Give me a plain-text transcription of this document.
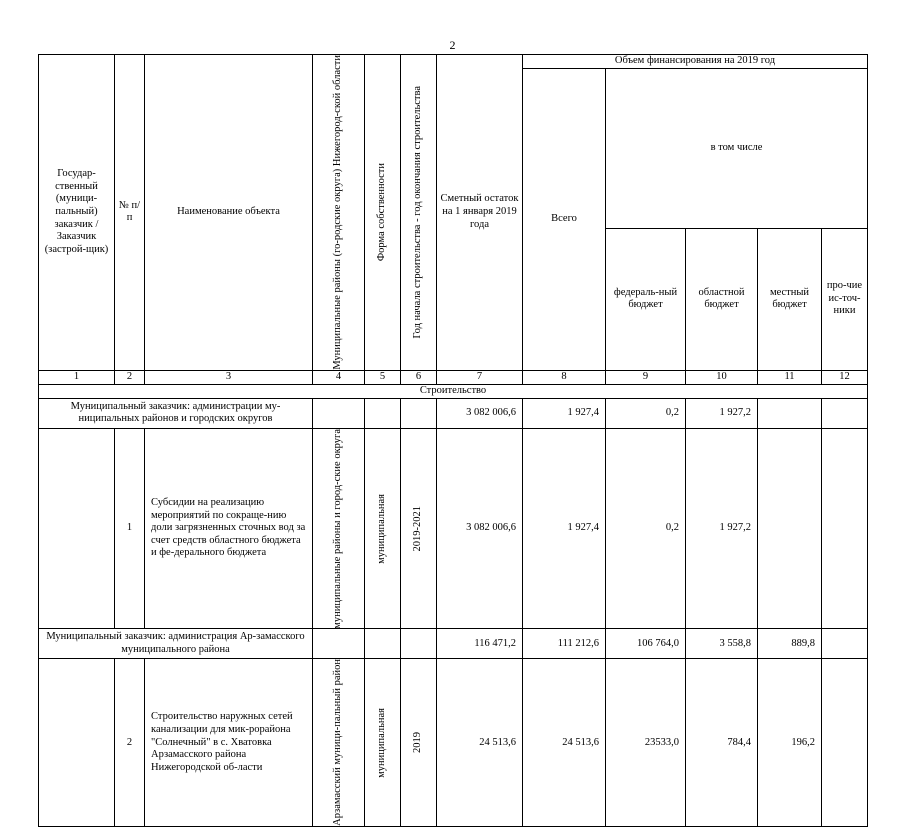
2
Государ-ственный (муници-пальный) заказчик / Заказчик (застрой-щик)	№ п/п	Наименование объекта	Муниципальные районы (го-родские округа) Нижегород-ской области	Форма собственности	Год начала строительства - год окончания строительства	Сметный остаток на 1 января 2019 года	Объем финансирования на 2019 год				
							Всего	в том числе			
								федераль-ный бюджет	областной бюджет	местный бюджет	про-чие ис-точ-ники
1	2	3	4	5	6	7	8	9	10	11	12
Строительство											
Муниципальный заказчик: администрации му-ниципальных районов и городских округов						3 082 006,6	1 927,4	0,2	1 927,2		
	1	Субсидии на реализацию мероприятий по сокраще-нию доли загрязненных сточных вод за счет средств областного бюджета и фе-дерального бюджета	муниципальные районы и город-ские округа	муниципальная	2019-2021	3 082 006,6	1 927,4	0,2	1 927,2		
Муниципальный заказчик: администрация Ар-замасского муниципального района						116 471,2	111 212,6	106 764,0	3 558,8	889,8	
	2	Строительство наружных сетей канализации для мик-рорайона "Солнечный" в с. Хватовка Арзамасского района Нижегородской об-ласти	Арзамасский муници-пальный район	муниципальная	2019	24 513,6	24 513,6	23533,0	784,4	196,2	
